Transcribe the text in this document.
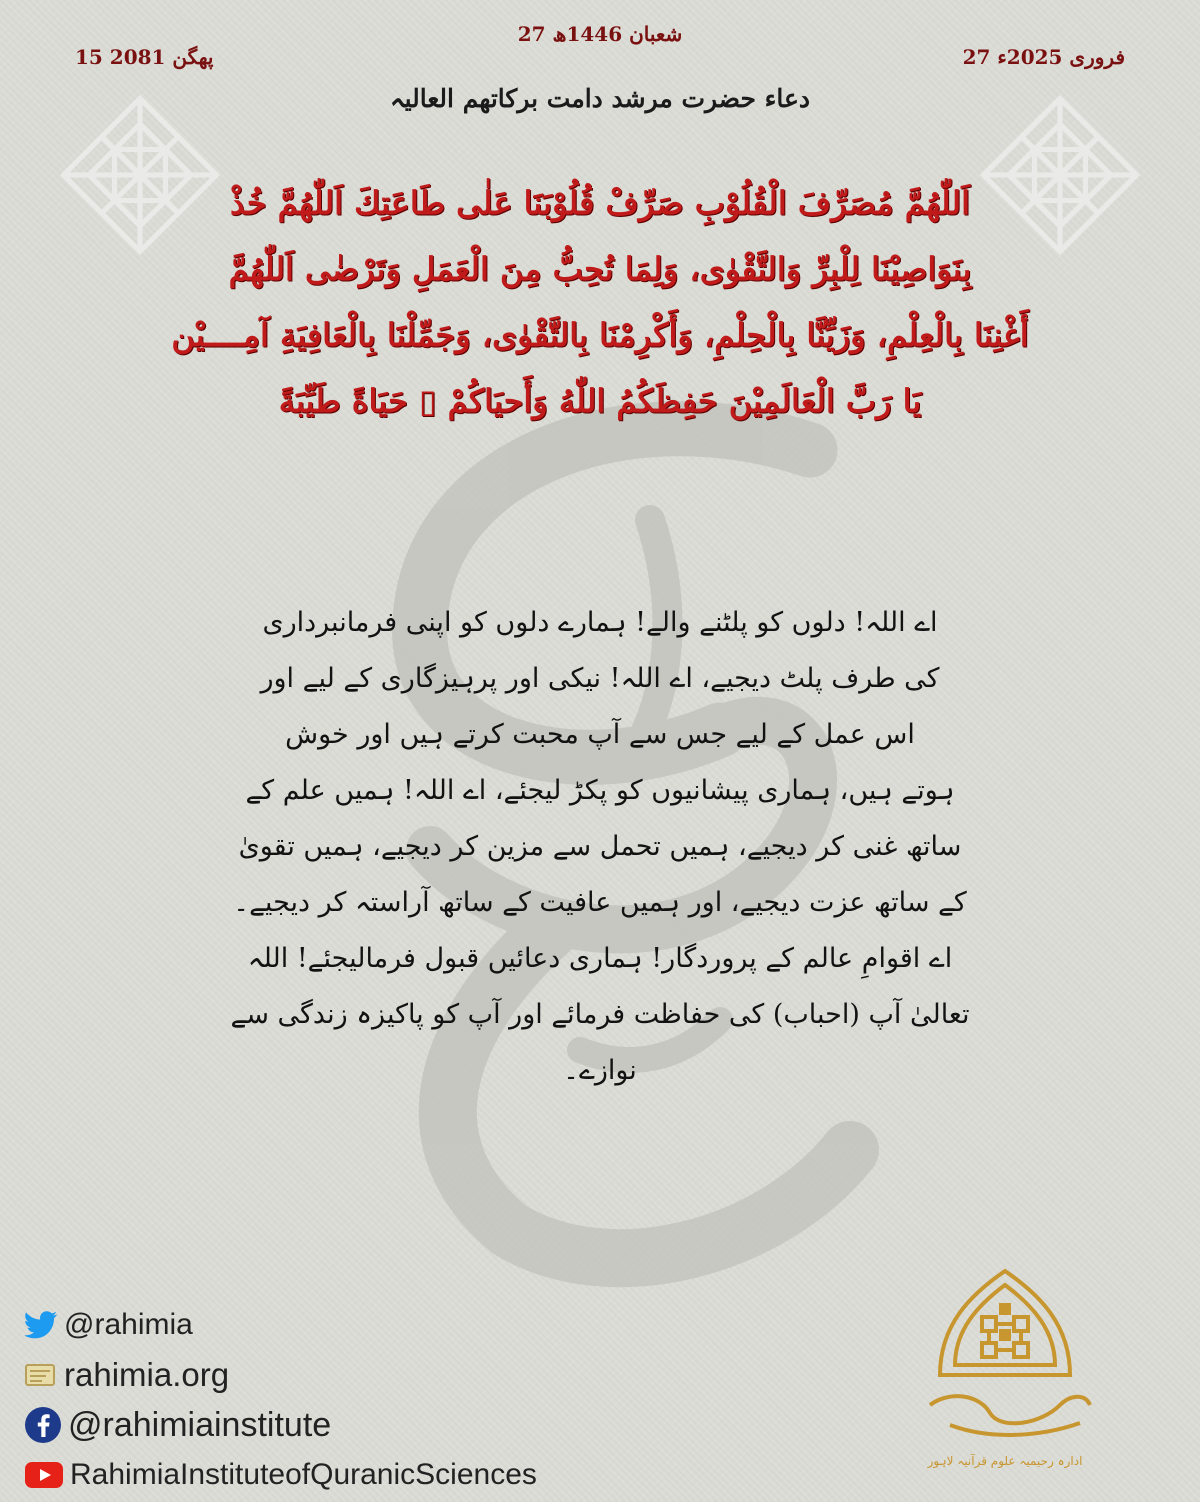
15 پھگن 2081
27 شعبان 1446ھ
27 فروری 2025ء
دعاء حضرت مرشد دامت برکاتھم العالیہ
اَللّٰهُمَّ مُصَرِّفَ الْقُلُوْبِ صَرِّفْ قُلُوْبَنَا عَلٰى طَاعَتِكَ اَللّٰهُمَّ خُذْ
بِنَوَاصِيْنَا لِلْبِرِّ وَالتَّقْوٰى، وَلِمَا تُحِبُّ مِنَ الْعَمَلِ وَتَرْضٰى اَللّٰهُمَّ
أَغْنِنَا بِالْعِلْمِ، وَزَيِّنَّا بِالْحِلْمِ، وَأَكْرِمْنَا بِالتَّقْوٰى، وَجَمِّلْنَا بِالْعَافِيَةِ آمِــــيْن
يَا رَبَّ الْعَالَمِيْنَ حَفِظَكُمُ اللّٰهُ وَأَحيَاكُمْ ▯ حَيَاةً طَيِّبَةً
اے اللہ! دلوں کو پلٹنے والے! ہمارے دلوں کو اپنی فرمانبرداری
کی طرف پلٹ دیجیے، اے اللہ! نیکی اور پرہیزگاری کے لیے اور
اس عمل کے لیے جس سے آپ محبت کرتے ہیں اور خوش
ہوتے ہیں، ہماری پیشانیوں کو پکڑ لیجئے، اے اللہ! ہمیں علم کے
ساتھ غنی کر دیجیے، ہمیں تحمل سے مزین کر دیجیے، ہمیں تقویٰ
کے ساتھ عزت دیجیے، اور ہمیں عافیت کے ساتھ آراستہ کر دیجیے۔
اے اقوامِ عالم کے پروردگار! ہماری دعائیں قبول فرمالیجئے! اللہ
تعالیٰ آپ (احباب) کی حفاظت فرمائے اور آپ کو پاکیزہ زندگی سے
نوازے۔
@rahimia
rahimia.org
@rahimiainstitute
RahimiaInstituteofQuranicSciences	ادارہ رحیمیہ علوم قرآنیہ لاہور
